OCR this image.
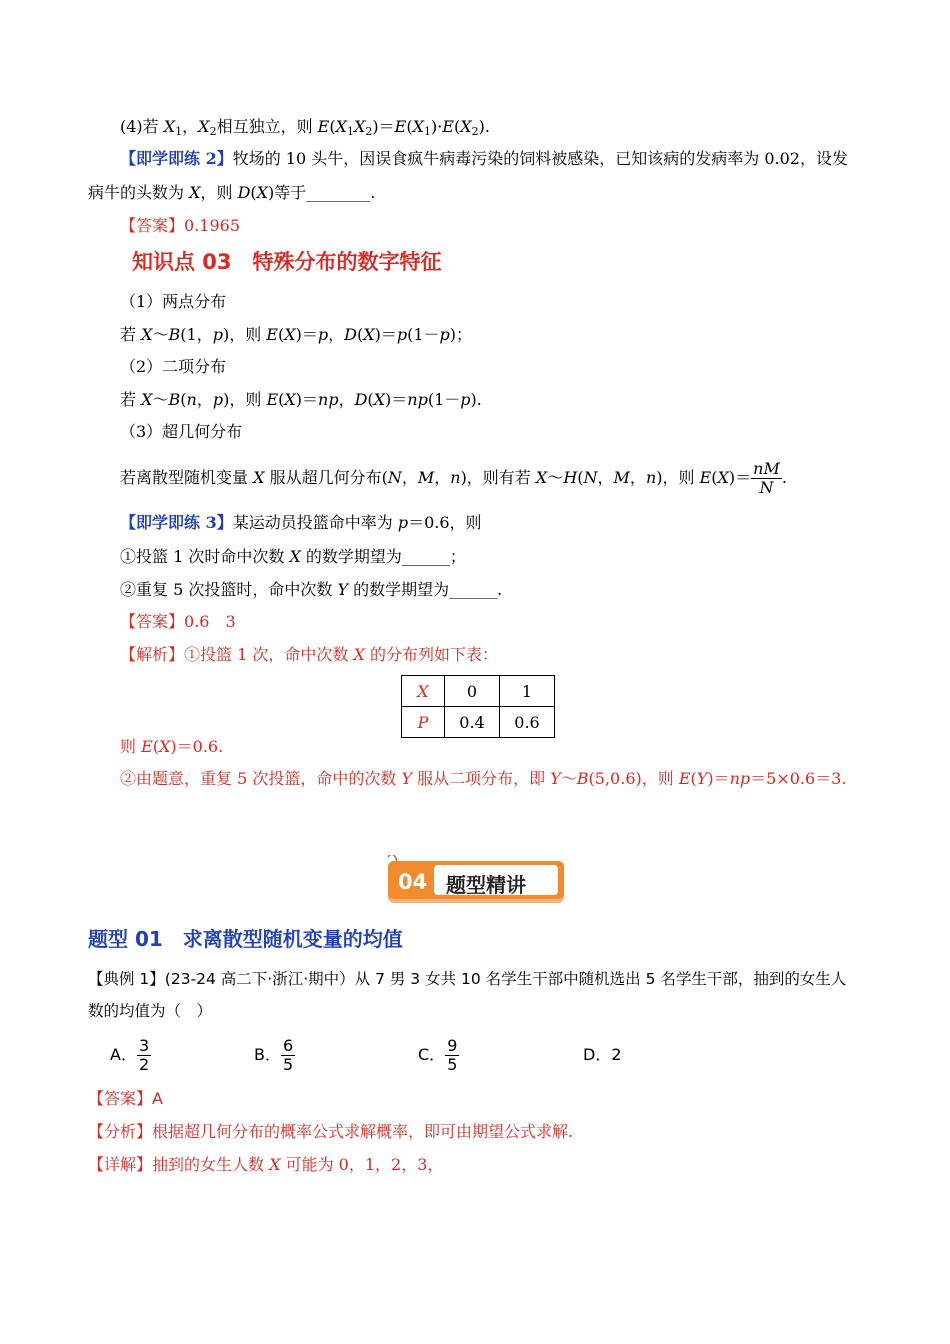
(4)若 $X_1$，$X_2$相互独立，则 $E(X_1X_2)=E(X_1)\cdot E(X_2)$.
【即学即练 2】牧场的 10 头牛，因误食疯牛病毒污染的饲料被感染，已知该病的发病率为 0.02，设发
病牛的头数为 X，则 D(X)等于________.
【答案】0.1965
知识点 03　特殊分布的数字特征
（1）两点分布
若 X～B(1，p)，则 E(X)＝p，D(X)＝p(1－p)；
（2）二项分布
若 X～B(n，p)，则 E(X)＝np，D(X)＝np(1－p).
（3）超几何分布
若离散型随机变量 X 服从超几何分布(N，M，n)，则有若 X～H(N，M，n)，则 $E(X)= \frac{nM}{N}$ .
【即学即练 3】某运动员投篮命中率为 p＝0.6，则
①投篮 1 次时命中次数 X 的数学期望为______；
②重复 5 次投篮时，命中次数 Y 的数学期望为______.
【答案】0.6　3
【解析】①投篮 1 次，命中次数 X 的分布列如下表：
X	0	1
P	0.4	0.6
则 E(X)＝0.6.
②由题意，重复 5 次投篮，命中的次数 Y 服从二项分布，即 Y～B(5,0.6)，则 E(Y)＝np＝5×0.6＝3.
04 题型精讲
题型 01　求离散型随机变量的均值
【典例 1】(23-24 高二下·浙江·期中）从 7 男 3 女共 10 名学生干部中随机选出 5 名学生干部，抽到的女生人
数的均值为（　）
A． $\frac{3}{2}$	B． $\frac{6}{5}$	C． $\frac{9}{5}$	D．2
【答案】A
【分析】根据超几何分布的概率公式求解概率，即可由期望公式求解.
【详解】抽到的女生人数 X 可能为 0，1，2，3，
